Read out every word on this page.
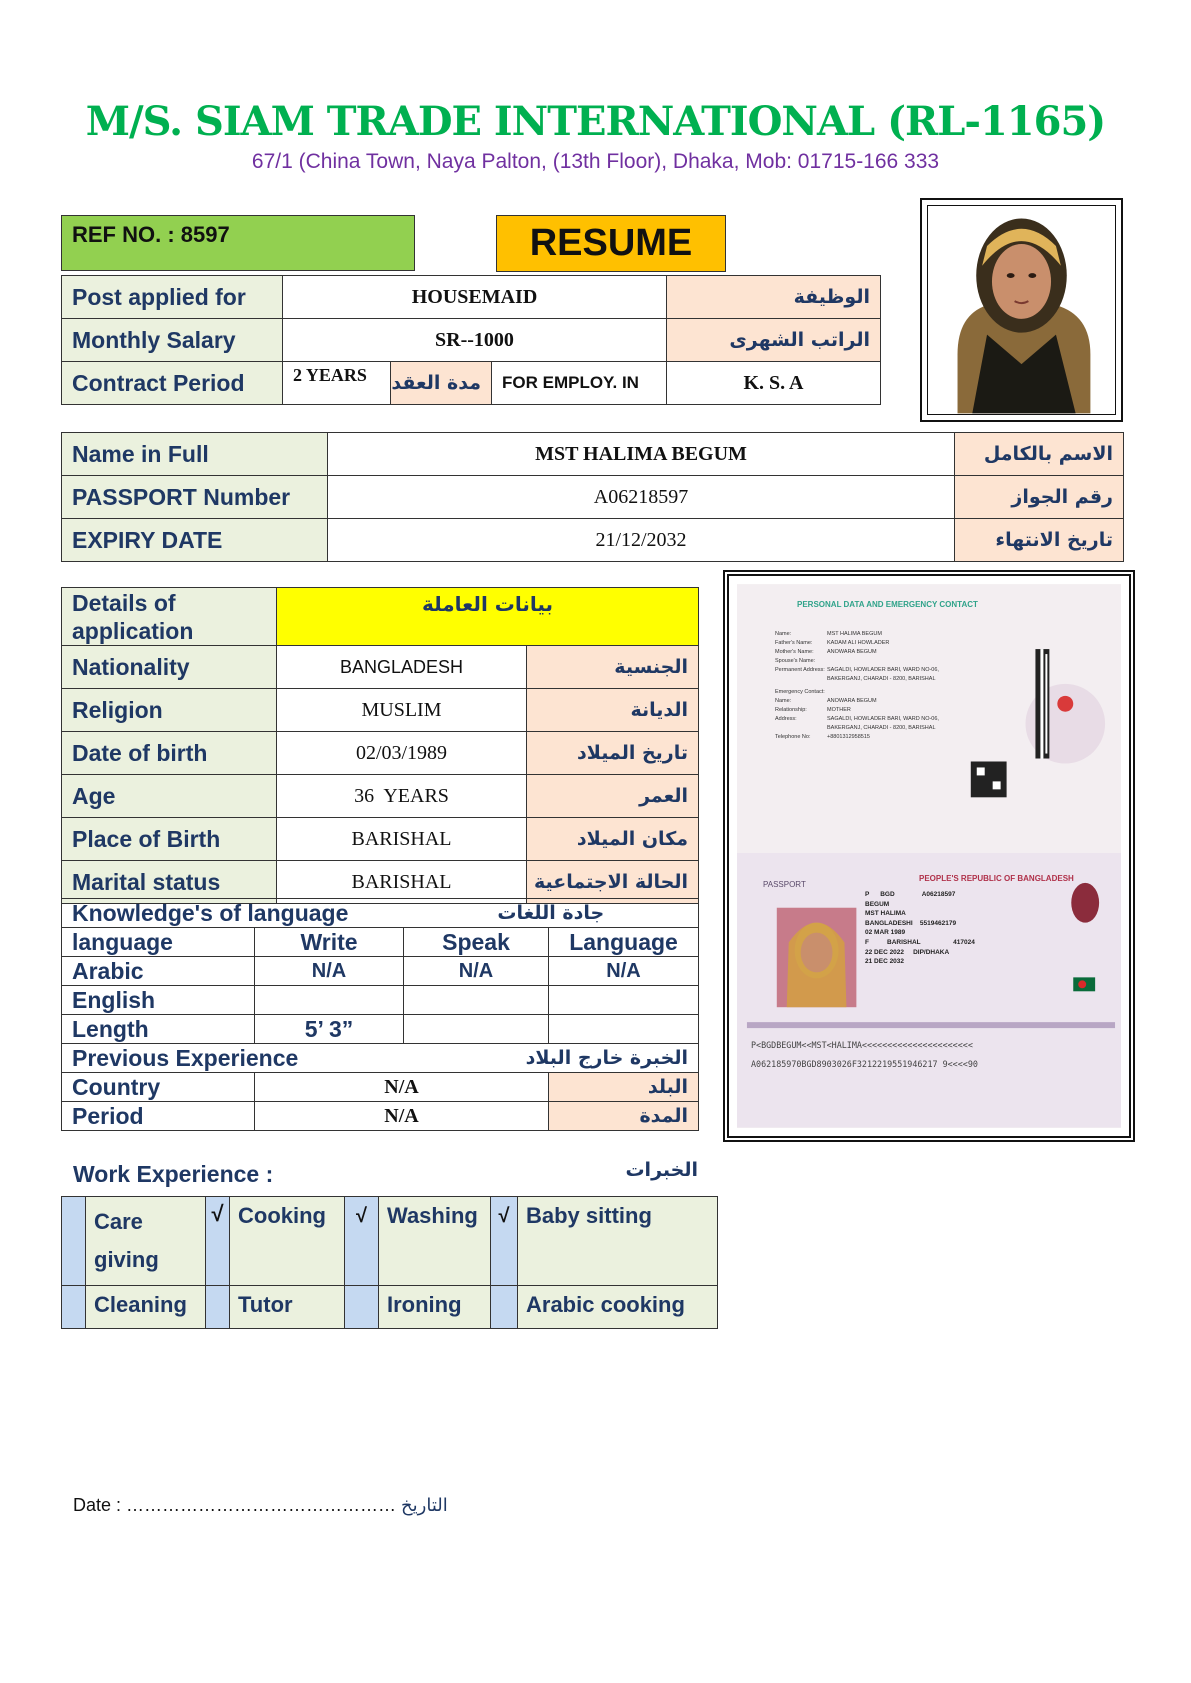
M/S. SIAM TRADE INTERNATIONAL (RL-1165)
67/1 (China Town, Naya Palton, (13th Floor), Dhaka, Mob: 01715-166 333
REF NO. : 8597	RESUME
Post applied for	HOUSEMAID			الوظيفة
Monthly Salary	SR--1000			الراتب الشهرى
Contract Period	2 YEARS	مدة العقد	FOR EMPLOY. IN	K. S. A
Name in Full	MST HALIMA BEGUM	الاسم بالكامل
PASSPORT Number	A06218597	رقم الجواز
EXPIRY DATE	21/12/2032	تاريخ الانتهاء
Details of application	بيانات العاملة	
Nationality	BANGLADESH	الجنسية
Religion	MUSLIM	الديانة
Date of birth	02/03/1989	تاريخ الميلاد
Age	36  YEARS	العمر
Place of Birth	BARISHAL	مكان الميلاد
Marital status	BARISHAL	الحالة الاجتماعية
Knowledge's of language		جادة اللغات	
language	Write	Speak	Language
Arabic	N/A	N/A	N/A
English			
Length	5’ 3”		
Previous Experience		الخبرة خارج البلاد	
Country	N/A		البلد
Period	N/A		المدة
PERSONAL DATA AND EMERGENCY CONTACT
Name:	MST HALIMA BEGUM
Father's Name:	KADAM ALI HOWLADER
Mother's Name: ANOWARA BEGUM
Spouse's Name:
Permanent Address: SAGALDI, HOWLADER BARI, WARD NO-06, BAKERGANJ, CHARADI - 8200, BARISHAL
Emergency Contact:
Name:	ANOWARA BEGUM
Relationship:	MOTHER
Address:	SAGALDI, HOWLADER BARI, WARD NO-06, BAKERGANJ, CHARADI - 8200, BARISHAL
Telephone No:	+8801312958515
PEOPLE'S REPUBLIC OF BANGLADESH
PASSPORT
P BGD	A06218597
BEGUM
MST HALIMA
BANGLADESHI 5519462179
02 MAR 1989
F	BARISHAL	417024
22 DEC 2022 DIP/DHAKA
21 DEC 2032
P<BGDBEGUM<<MST<HALIMA<<<<<<<<<<<<<<<<<<<<<<
A062185970BGD8903026F3212219551946217 9<<<<90
Work Experience :	الخبرات
	Care giving	√	Cooking	√	Washing	√	Baby sitting
	Cleaning		Tutor		Ironing		Arabic cooking
Date : ……………………………………… التاريخ
